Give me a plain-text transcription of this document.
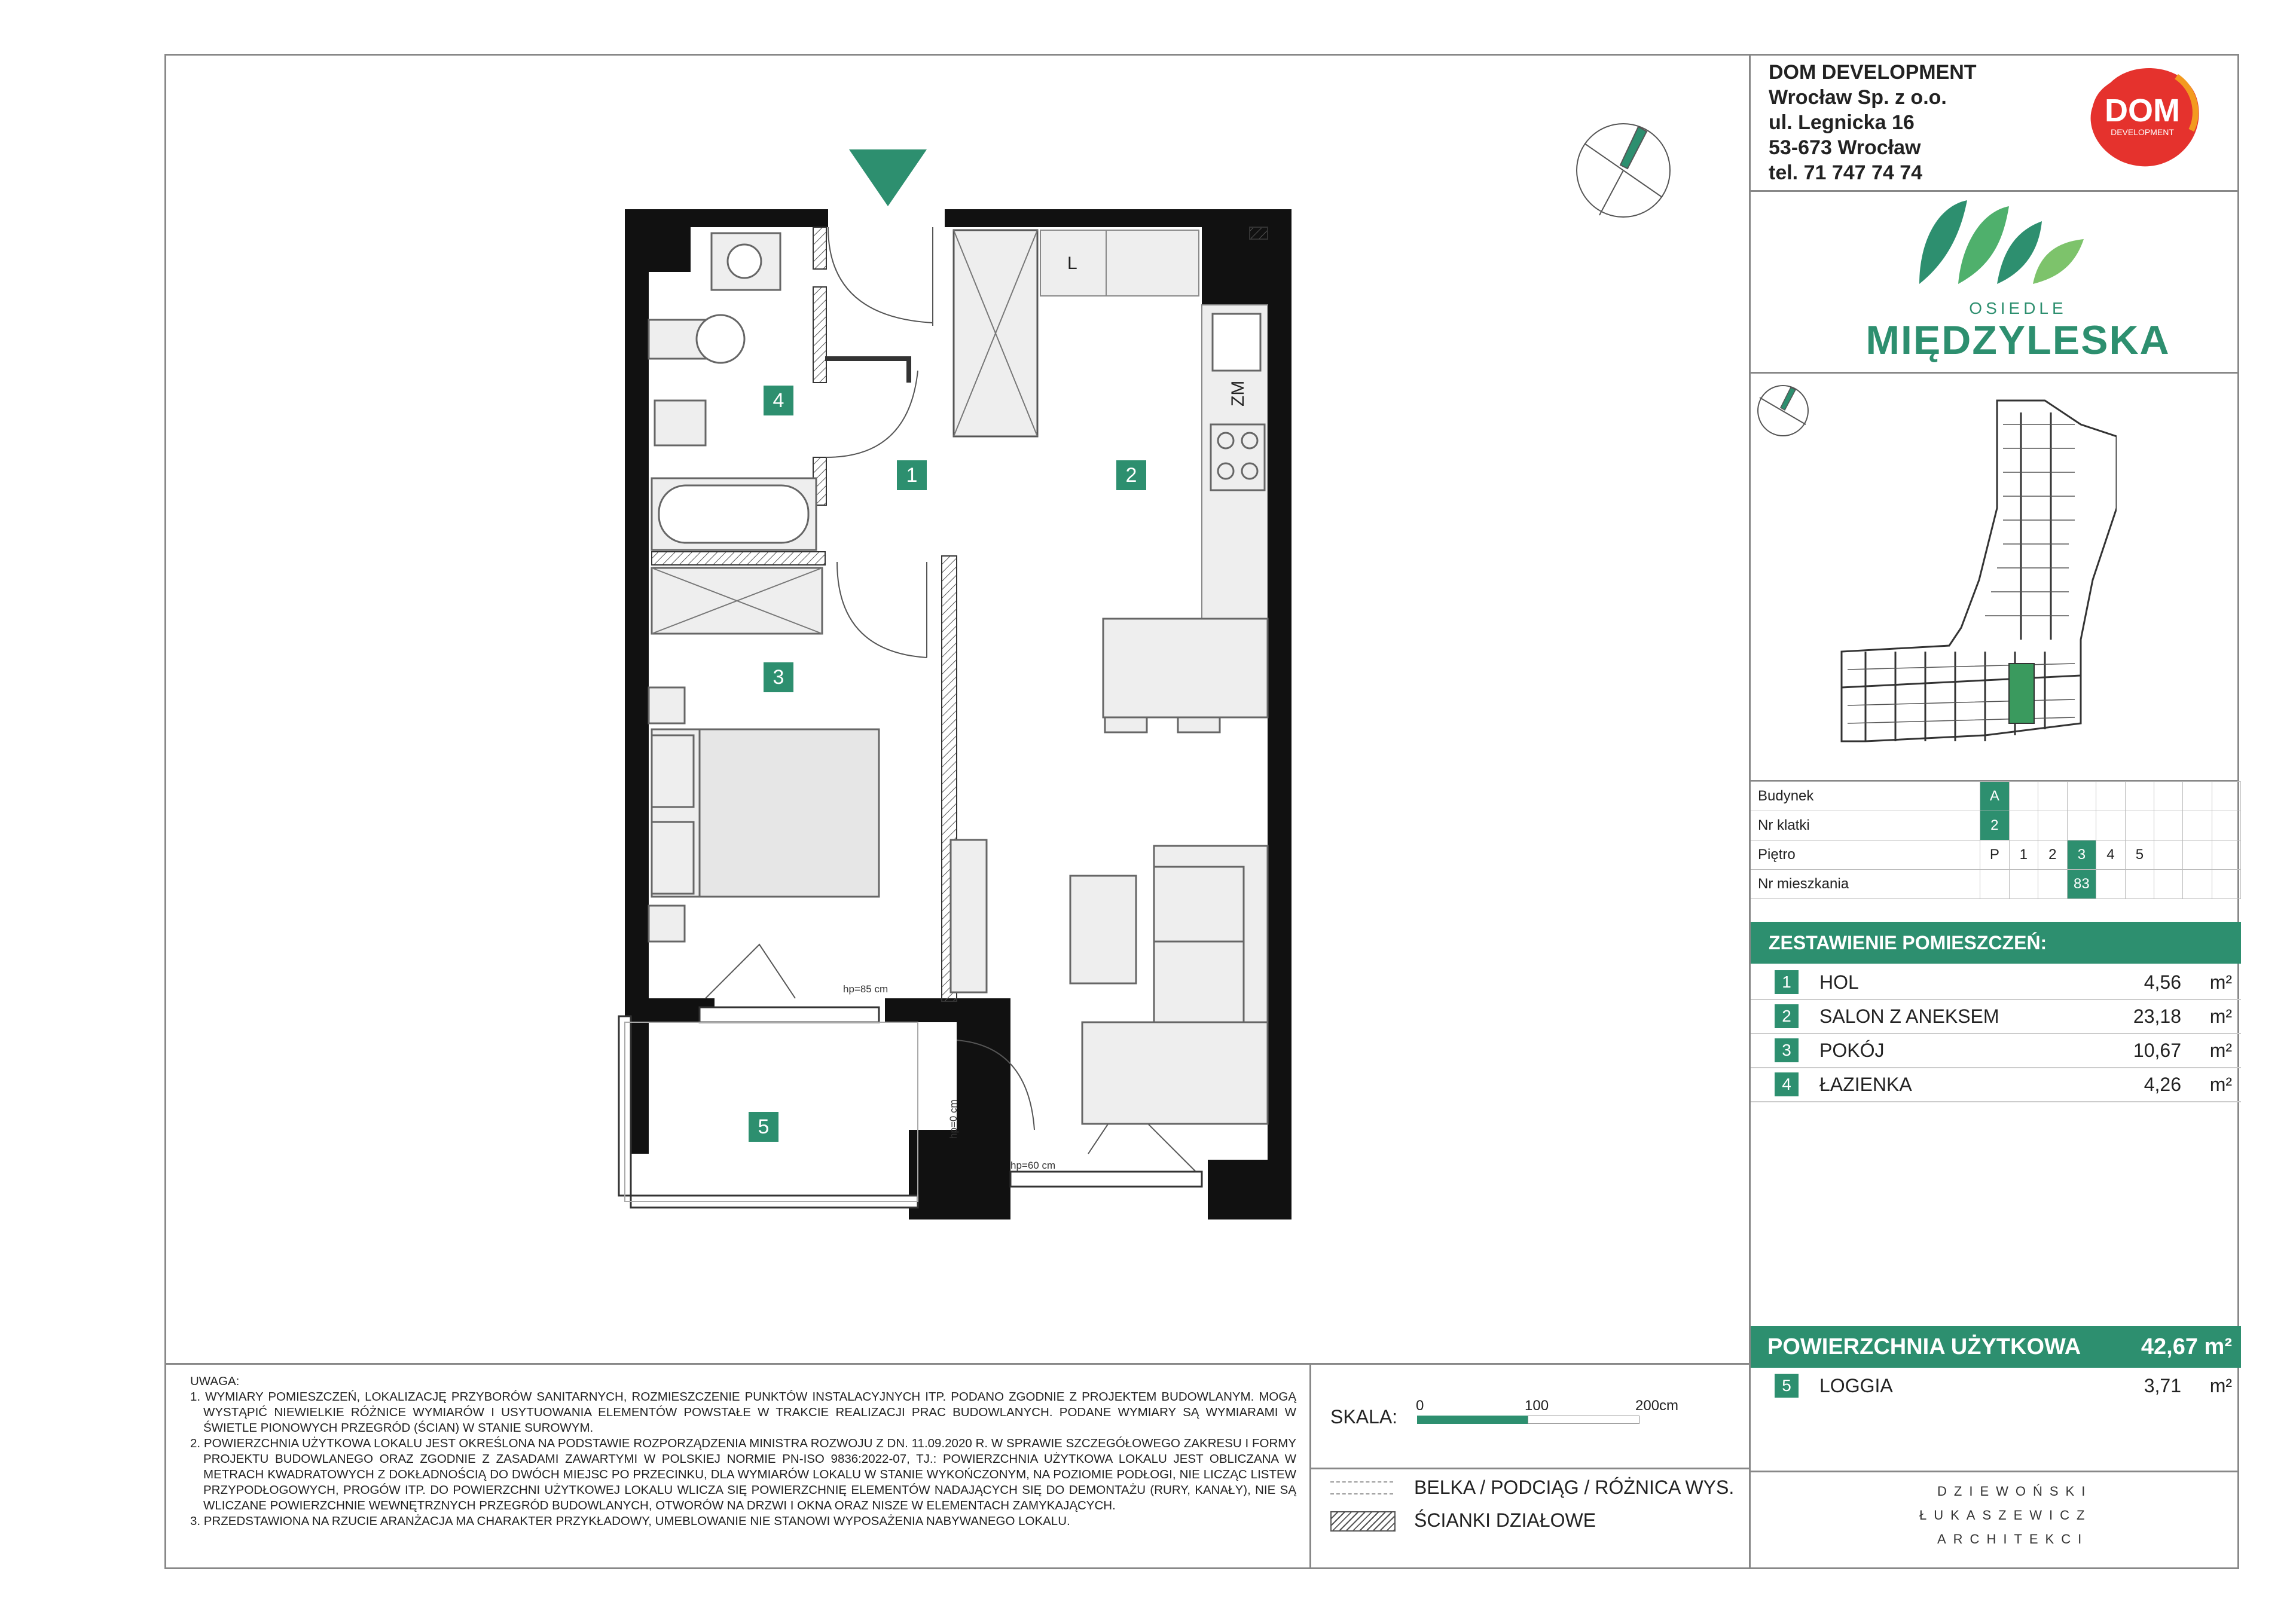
DOM DEVELOPMENT
Wrocław Sp. z o.o.
ul. Legnicka 16
53-673 Wrocław
tel. 71 747 74 74
DOM
DEVELOPMENT
OSIEDLE
MIĘDZYLESKA
Budynek	A								
Nr klatki	2								
Piętro	P	1	2	3	4	5			
Nr mieszkania				83					
ZESTAWIENIE POMIESZCZEŃ:
1	HOL	4,56 m²
2	SALON Z ANEKSEM	23,18 m²
3	POKÓJ	10,67 m²
4	ŁAZIENKA	4,26 m²
POWIERZCHNIA UŻYTKOWA	42,67 m²
5	LOGGIA	3,71 m²
L
ZM
hp=85 cm
hp=60 cm
hp=0 cm
1	2
3
4
5

UWAGA:

1. WYMIARY POMIESZCZEŃ, LOKALIZACJĘ PRZYBORÓW SANITARNYCH, ROZMIESZCZENIE PUNKTÓW INSTALACYJNYCH ITP. PODANO ZGODNIE Z PROJEKTEM BUDOWLANYM. MOGĄ WYSTĄPIĆ NIEWIELKIE RÓŻNICE WYMIARÓW I USYTUOWANIA ELEMENTÓW POWSTAŁE W TRAKCIE REALIZACJI PRAC BUDOWLANYCH. PODANE WYMIARY SĄ WYMIARAMI W ŚWIETLE PIONOWYCH PRZEGRÓD (ŚCIAN) W STANIE SUROWYM.

2. POWIERZCHNIA UŻYTKOWA LOKALU JEST OKREŚLONA NA PODSTAWIE ROZPORZĄDZENIA MINISTRA ROZWOJU Z DN. 11.09.2020 R. W SPRAWIE SZCZEGÓŁOWEGO ZAKRESU I FORMY PROJEKTU BUDOWLANEGO ORAZ ZGODNIE Z ZASADAMI ZAWARTYMI W POLSKIEJ NORMIE PN-ISO 9836:2022-07, TJ.: POWIERZCHNIA UŻYTKOWA LOKALU JEST OBLICZANA W METRACH KWADRATOWYCH Z DOKŁADNOŚCIĄ DO DWÓCH MIEJSC PO PRZECINKU, DLA WYMIARÓW LOKALU W STANIE WYKOŃCZONYM, NA POZIOMIE PODŁOGI, NIE LICZĄC LISTEW PRZYPODŁOGOWYCH, PROGÓW ITP. DO POWIERZCHNI UŻYTKOWEJ LOKALU WLICZA SIĘ POWIERZCHNIĘ ELEMENTÓW NADAJĄCYCH SIĘ DO DEMONTAŻU (RURY, KANAŁY), NIE SĄ WLICZANE POWIERZCHNIE WEWNĘTRZNYCH PRZEGRÓD BUDOWLANYCH, OTWORÓW NA DRZWI I OKNA ORAZ NISZE W ELEMENTACH ZAMYKAJĄCYCH.

3. PRZEDSTAWIONA NA RZUCIE ARANŻACJA MA CHARAKTER PRZYKŁADOWY, UMEBLOWANIE NIE STANOWI WYPOSAŻENIA NABYWANEGO LOKALU.

SKALA:
0	100	200cm
BELKA / PODCIĄG / RÓŻNICA WYS.
ŚCIANKI DZIAŁOWE
DZIEWOŃSKI
ŁUKASZEWICZ
ARCHITEKCI
